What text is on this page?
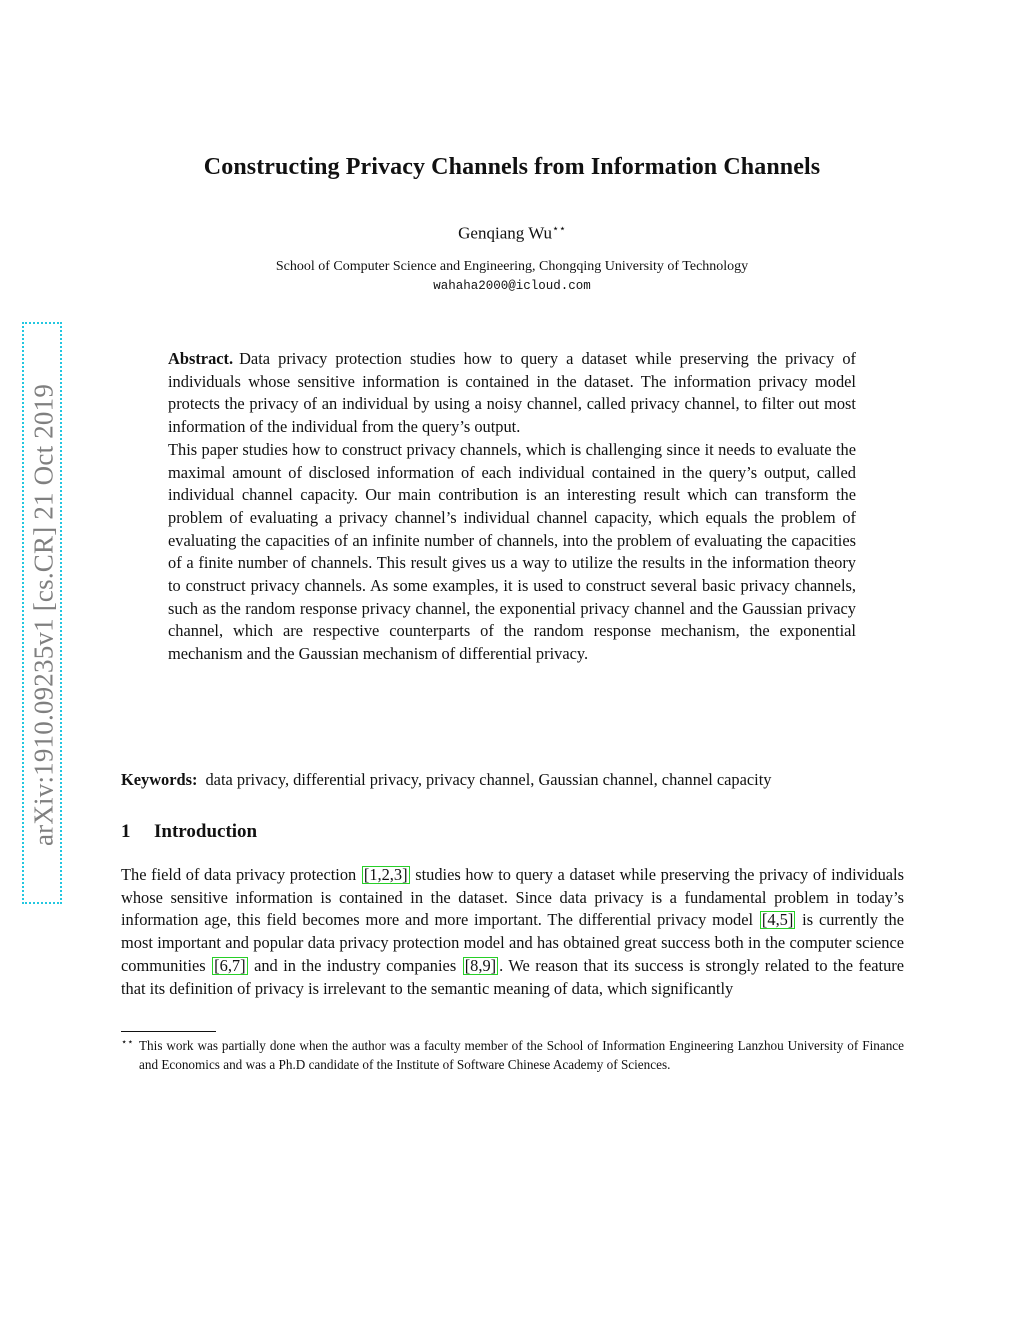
arXiv:1910.09235v1 [cs.CR] 21 Oct 2019
Constructing Privacy Channels from Information Channels
Genqiang Wu⋆⋆
School of Computer Science and Engineering, Chongqing University of Technology
wahaha2000@icloud.com

Abstract. Data privacy protection studies how to query a dataset while preserving the privacy of individuals whose sensitive information is contained in the dataset. The information privacy model protects the privacy of an individual by using a noisy channel, called privacy channel, to filter out most information of the individual from the query’s output.

This paper studies how to construct privacy channels, which is challenging since it needs to evaluate the maximal amount of disclosed information of each individual contained in the query’s output, called individual channel capacity. Our main contribution is an interesting result which can transform the problem of evaluating a privacy channel’s individual channel capacity, which equals the problem of evaluating the capacities of an infinite number of channels, into the problem of evaluating the capacities of a finite number of channels. This result gives us a way to utilize the results in the information theory to construct privacy channels. As some examples, it is used to construct several basic privacy channels, such as the random response privacy channel, the exponential privacy channel and the Gaussian privacy channel, which are respective counterparts of the random response mechanism, the exponential mechanism and the Gaussian mechanism of differential privacy.

Keywords: data privacy, differential privacy, privacy channel, Gaussian channel, channel capacity
1 Introduction

The field of data privacy protection [1,2,3] studies how to query a dataset while preserving the privacy of individuals whose sensitive information is contained in the dataset. Since data privacy is a fundamental problem in today’s information age, this field becomes more and more important. The differential privacy model [4,5] is currently the most important and popular data privacy protection model and has obtained great success both in the computer science communities [6,7] and in the industry companies [8,9] . We reason that its success is strongly related to the feature that its definition of privacy is irrelevant to the semantic meaning of data, which significantly

⋆⋆ This work was partially done when the author was a faculty member of the School of Information Engineering Lanzhou University of Finance and Economics and was a Ph.D candidate of the Institute of Software Chinese Academy of Sciences.
